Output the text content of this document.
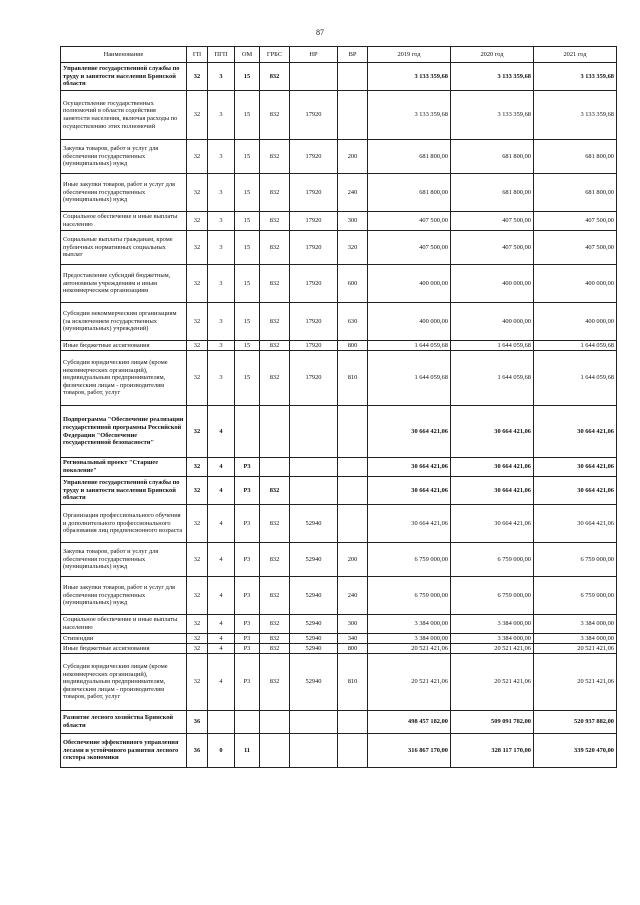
87
Наименование	ГП	ПГП	ОМ	ГРБС	НР	ВР	2019 год	2020 год	2021 год
Управление государственной службы по труду и занятости населения Брянской области	32	3	15	832			3 133 359,68	3 133 359,68	3 133 359,68
Осуществление государственных полномочий в области содействия занятости населения, включая расходы по осуществлению этих полномочий	32	3	15	832	17920		3 133 359,68	3 133 359,68	3 133 359,68
Закупка товаров, работ и услуг для обеспечения государственных (муниципальных) нужд	32	3	15	832	17920	200	681 800,00	681 800,00	681 800,00
Иные закупки товаров, работ и услуг для обеспечения государственных (муниципальных) нужд	32	3	15	832	17920	240	681 800,00	681 800,00	681 800,00
Социальное обеспечение и иные выплаты населению	32	3	15	832	17920	300	407 500,00	407 500,00	407 500,00
Социальные выплаты гражданам, кроме публичных нормативных социальных выплат	32	3	15	832	17920	320	407 500,00	407 500,00	407 500,00
Предоставление субсидий бюджетным, автономным учреждениям и иным некоммерческим организациям	32	3	15	832	17920	600	400 000,00	400 000,00	400 000,00
Субсидии некоммерческим организациям (за исключением государственных (муниципальных) учреждений)	32	3	15	832	17920	630	400 000,00	400 000,00	400 000,00
Иные бюджетные ассигнования	32	3	15	832	17920	800	1 644 059,68	1 644 059,68	1 644 059,68
Субсидии юридическим лицам (кроме некоммерческих организаций), индивидуальным предпринимателям, физическим лицам - производителям товаров, работ, услуг	32	3	15	832	17920	810	1 644 059,68	1 644 059,68	1 644 059,68
Подпрограмма "Обеспечение реализации государственной программы Российской Федерации "Обеспечение государственной безопасности"	32	4					30 664 421,06	30 664 421,06	30 664 421,06
Региональный проект "Старшее поколение"	32	4	Р3				30 664 421,06	30 664 421,06	30 664 421,06
Управление государственной службы по труду и занятости населения Брянской области	32	4	Р3	832			30 664 421,06	30 664 421,06	30 664 421,06
Организация профессионального обучения и дополнительного профессионального образования лиц предпенсионного возраста	32	4	Р3	832	52940		30 664 421,06	30 664 421,06	30 664 421,06
Закупка товаров, работ и услуг для обеспечения государственных (муниципальных) нужд	32	4	Р3	832	52940	200	6 759 000,00	6 759 000,00	6 759 000,00
Иные закупки товаров, работ и услуг для обеспечения государственных (муниципальных) нужд	32	4	Р3	832	52940	240	6 759 000,00	6 759 000,00	6 759 000,00
Социальное обеспечение и иные выплаты населению	32	4	Р3	832	52940	300	3 384 000,00	3 384 000,00	3 384 000,00
Стипендии	32	4	Р3	832	52940	340	3 384 000,00	3 384 000,00	3 384 000,00
Иные бюджетные ассигнования	32	4	Р3	832	52940	800	20 521 421,06	20 521 421,06	20 521 421,06
Субсидии юридическим лицам (кроме некоммерческих организаций), индивидуальным предпринимателям, физическим лицам - производителям товаров, работ, услуг	32	4	Р3	832	52940	810	20 521 421,06	20 521 421,06	20 521 421,06
Развитие лесного хозяйства Брянской области	36						498 457 182,00	509 091 782,00	520 937 882,00
Обеспечение эффективного управления лесами и устойчивого развития лесного сектора экономики	36	0	11				316 867 170,00	328 117 170,00	339 520 470,00
